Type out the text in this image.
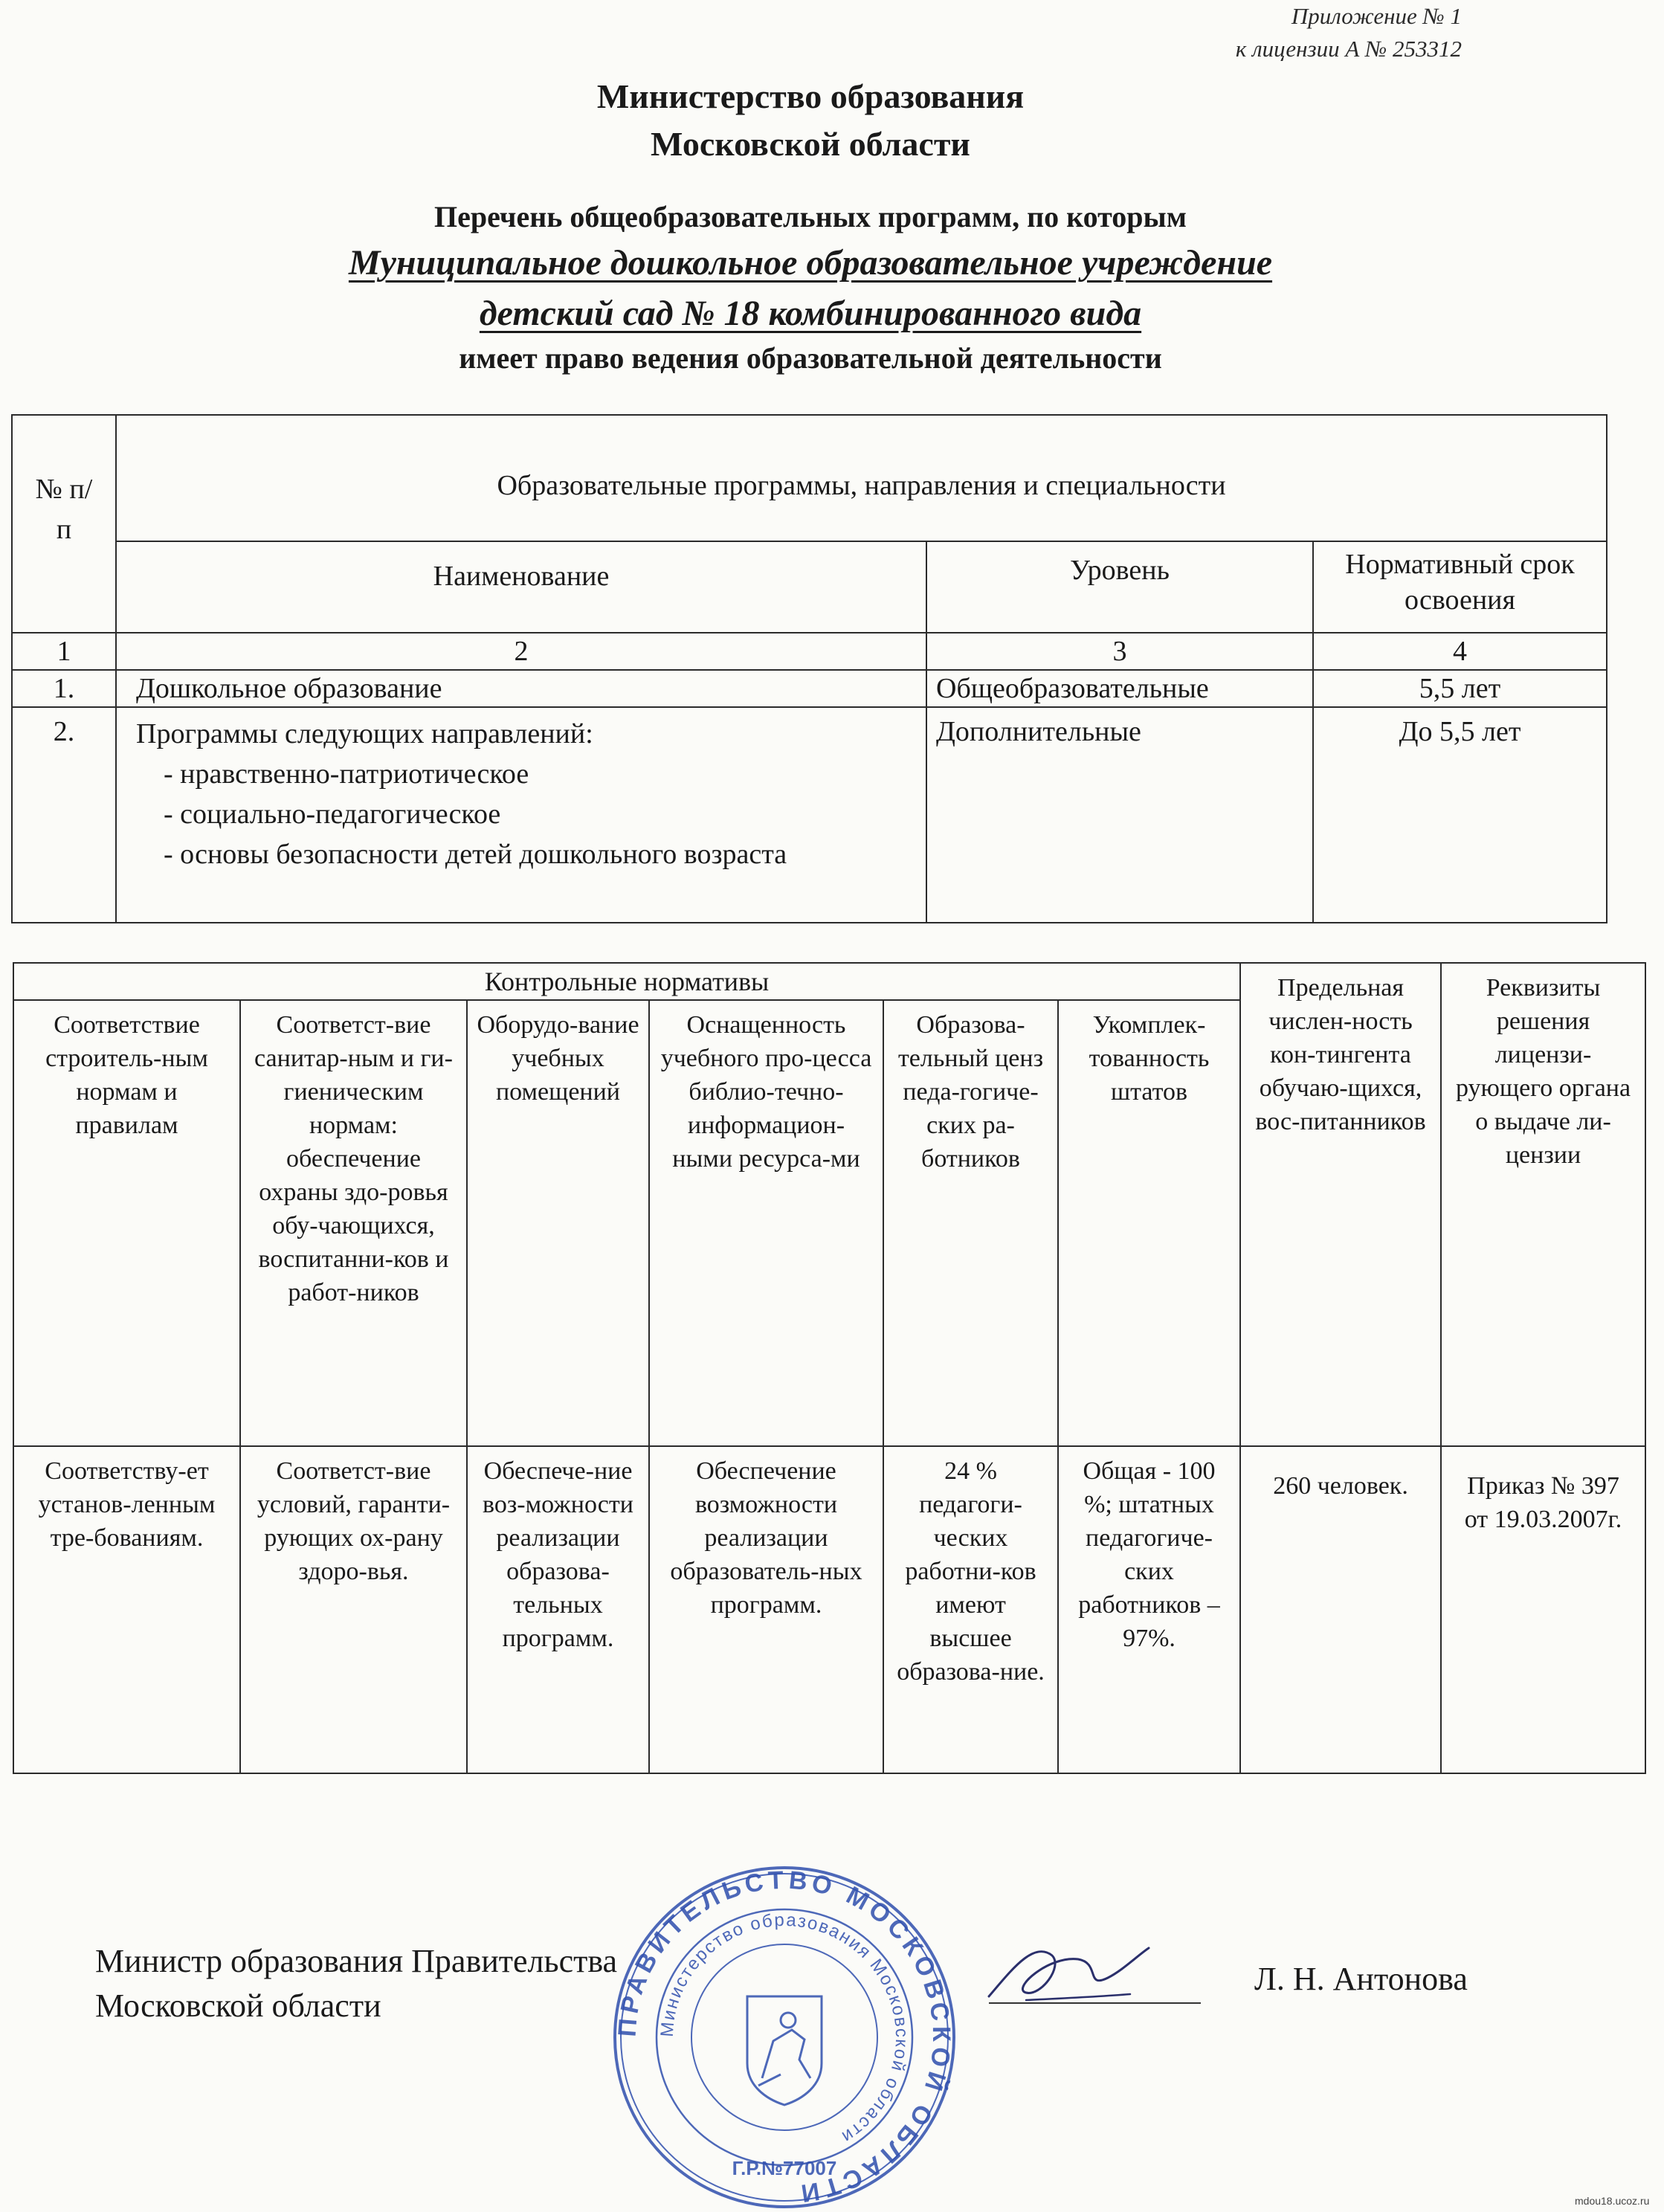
Приложение № 1
к лицензии А № 253312
Министерство образования
Московской области
Перечень общеобразовательных программ, по которым
Муниципальное дошкольное образовательное учреждение
детский сад № 18 комбинированного вида
имеет право ведения образовательной деятельности
№ п/п	Образовательные программы, направления и специальности		
	Наименование	Уровень	Нормативный срок освоения

1	2	3	4
1.	Дошкольное образование	Общеобразовательные	5,5 лет
2.	Программы следующих направлений:
- нравственно-патриотическое
- социально-педагогическое
- основы безопасности детей дошкольного возраста	Дополнительные	До 5,5 лет
Контрольные нормативы						Предельная числен-ность кон-тингента обучаю-щихся, вос-питанников	Реквизиты решения лицензи-рующего органа о выдаче ли-цензии

Соответствие строитель-ным нормам и правилам	Соответст-вие санитар-ным и ги-гиеническим нормам: обеспечение охраны здо-ровья обу-чающихся, воспитанни-ков и работ-ников	Оборудо-вание учебных помещений	Оснащенность учебного про-цесса библио-течно-информацион-ными ресурса-ми	Образова-тельный ценз педа-гогиче-ских ра-ботников	Укомплек-тованность штатов		

Соответству-ет установ-ленным тре-бованиям.	Соответст-вие условий, гаранти-рующих ох-рану здоро-вья.	Обеспече-ние воз-можности реализации образова-тельных программ.	Обеспечение возможности реализации образователь-ных программ.	24 % педагоги-ческих работни-ков имеют высшее образова-ние.	Общая - 100 %; штатных педагогиче-ских работников – 97%.	260 человек.	Приказ № 397 от 19.03.2007г.
Министр образования Правительства
Московской области
Л. Н. Антонова
ПРАВИТЕЛЬСТВО МОСКОВСКОЙ ОБЛАСТИ
Министерство образования Московской области
Г.Р.№77007
mdou18.ucoz.ru
